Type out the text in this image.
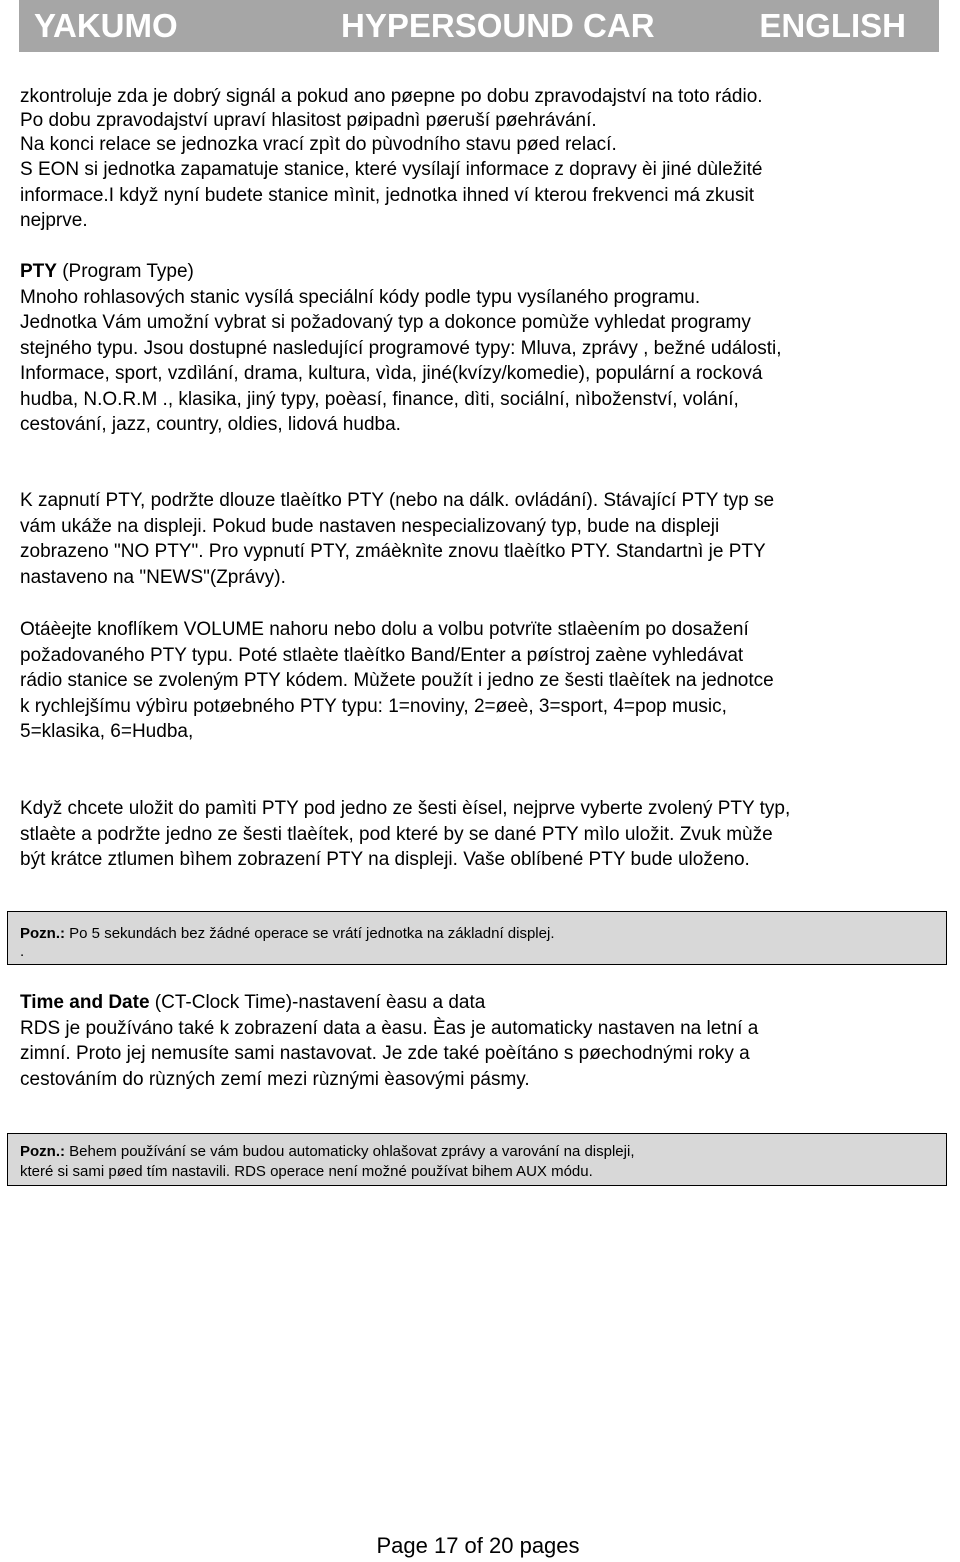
YAKUMO	HYPERSOUND CAR	ENGLISH
zkontroluje zda je dobrý signál a pokud ano pøepne po dobu zpravodajství na toto rádio.
Po dobu zpravodajství upraví hlasitost pøipadnì pøeruší pøehrávání.
Na konci relace se jednozka vrací zpìt do pùvodního stavu pøed relací.
S EON si jednotka zapamatuje stanice, které vysílají informace z dopravy èi jiné dùležité
informace.I když nyní budete stanice mìnit, jednotka ihned ví kterou frekvenci má zkusit
nejprve.
PTY (Program Type)
Mnoho rohlasových stanic vysílá speciální kódy podle typu vysílaného programu.
Jednotka Vám umožní vybrat si požadovaný typ a dokonce pomùže vyhledat programy
stejného typu. Jsou dostupné nasledující programové typy: Mluva, zprávy , bežné události,
Informace, sport, vzdìlání, drama, kultura, vìda, jiné(kvízy/komedie), populární a rocková
hudba, N.O.R.M ., klasika, jiný typy, poèasí, finance, dìti, sociální, nìboženství, volání,
cestování, jazz, country, oldies, lidová hudba.
K zapnutí PTY, podržte dlouze tlaèítko PTY (nebo na dálk. ovládání). Stávající PTY typ se
vám ukáže na displeji. Pokud bude nastaven nespecializovaný typ, bude na displeji
zobrazeno "NO PTY". Pro vypnutí PTY, zmáèknìte znovu tlaèítko PTY. Standartnì je PTY
nastaveno na "NEWS"(Zprávy).
Otáèejte knoflíkem VOLUME nahoru nebo dolu a volbu potvrïte stlaèením po dosažení
požadovaného PTY typu. Poté stlaète tlaèítko Band/Enter a pøístroj zaène vyhledávat
rádio stanice se zvoleným PTY kódem. Mùžete použít i jedno ze šesti tlaèítek na jednotce
k rychlejšímu výbìru potøebného PTY typu: 1=noviny, 2=øeè, 3=sport, 4=pop music,
5=klasika, 6=Hudba,
Když chcete uložit do pamìti PTY pod jedno ze šesti èísel, nejprve vyberte zvolený PTY typ,
stlaète a podržte jedno ze šesti tlaèítek, pod které by se dané PTY mìlo uložit. Zvuk mùže
být krátce ztlumen bìhem zobrazení PTY na displeji. Vaše oblíbené PTY bude uloženo.
Pozn.: Po 5 sekundách bez žádné operace se vrátí jednotka na základní displej.
.
Time and Date (CT-Clock Time)-nastavení èasu a data
RDS je používáno také k zobrazení data a èasu. Èas je automaticky nastaven na letní a
zimní. Proto jej nemusíte sami nastavovat. Je zde také poèítáno s pøechodnými roky a
cestováním do rùzných zemí mezi rùznými èasovými pásmy.
Pozn.: Behem používání se vám budou automaticky ohlašovat zprávy a varování na displeji,
které si sami pøed tím nastavili. RDS operace není možné používat bihem AUX módu.
Page 17 of 20 pages
